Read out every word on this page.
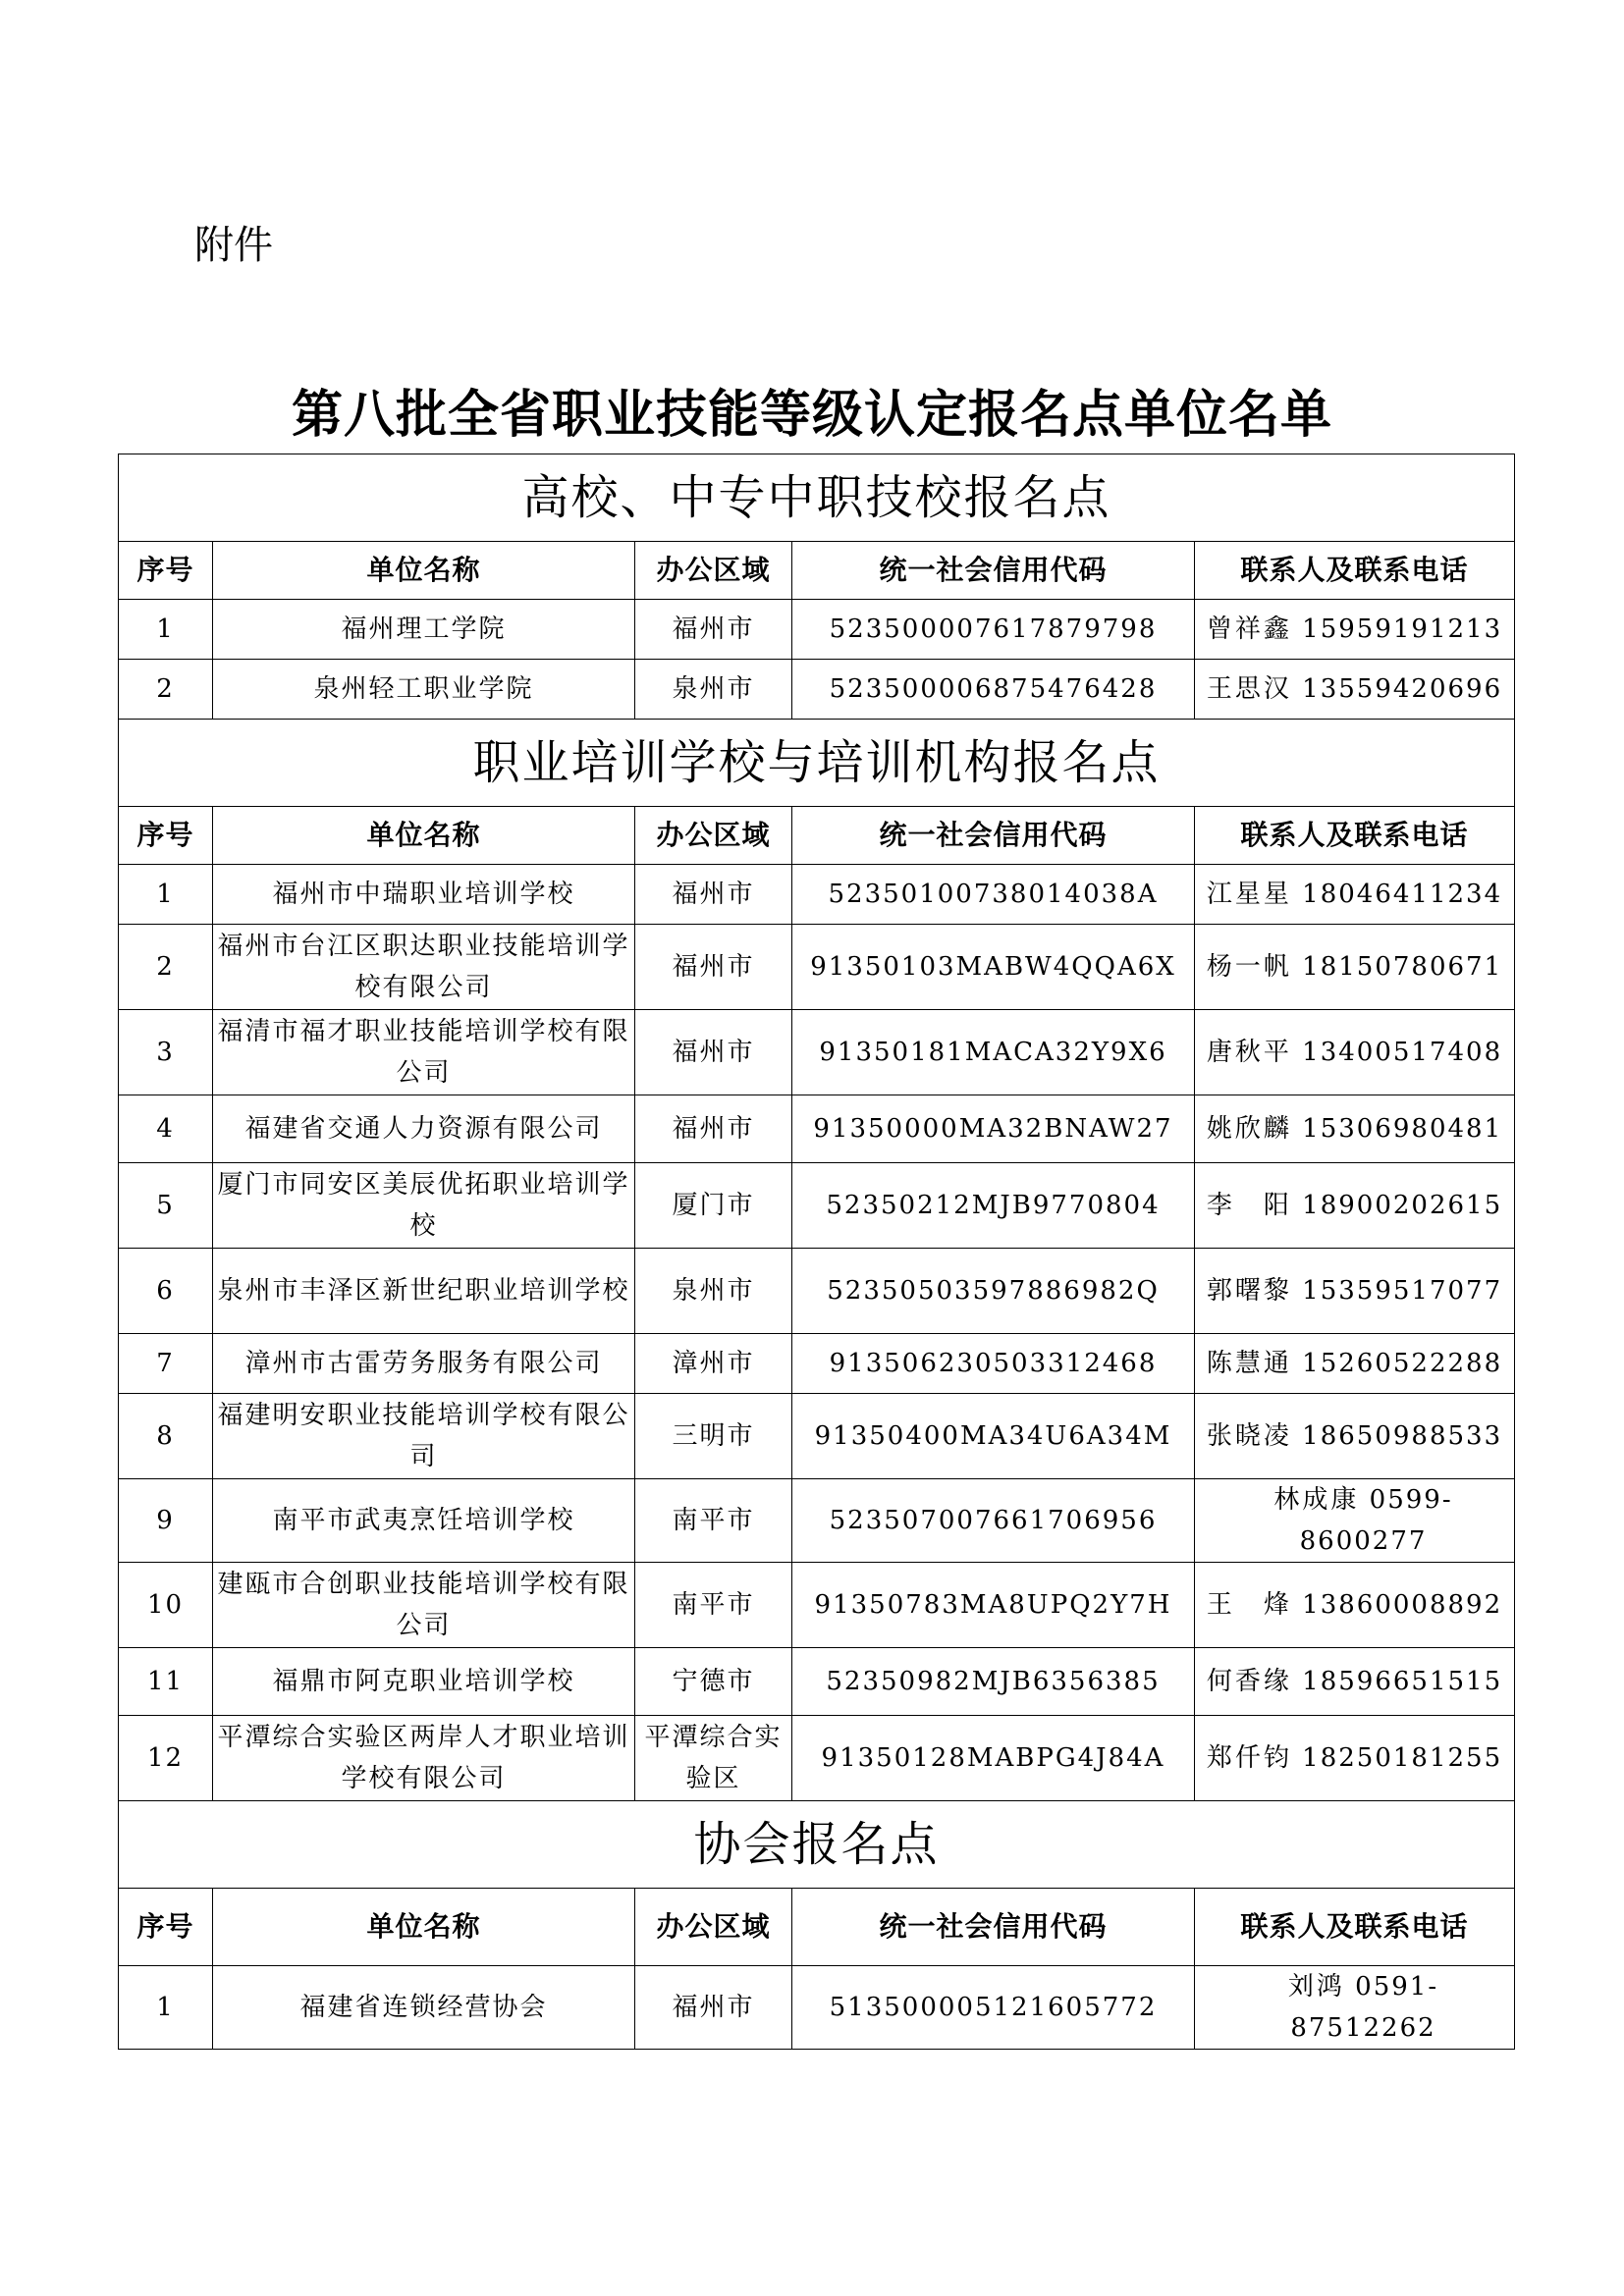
附件
第八批全省职业技能等级认定报名点单位名单
高校、中专中职技校报名点				
序号	单位名称	办公区域	统一社会信用代码	联系人及联系电话
1	福州理工学院	福州市	523500007617879798	曾祥鑫 15959191213
2	泉州轻工职业学院	泉州市	523500006875476428	王思汉 13559420696
职业培训学校与培训机构报名点				
序号	单位名称	办公区域	统一社会信用代码	联系人及联系电话
1	福州市中瑞职业培训学校	福州市	52350100738014038A	江星星 18046411234
2	福州市台江区职达职业技能培训学校有限公司	福州市	91350103MABW4QQA6X	杨一帆 18150780671
3	福清市福才职业技能培训学校有限公司	福州市	91350181MACA32Y9X6	唐秋平 13400517408
4	福建省交通人力资源有限公司	福州市	91350000MA32BNAW27	姚欣麟 15306980481
5	厦门市同安区美辰优拓职业培训学校	厦门市	52350212MJB9770804	李　阳 18900202615
6	泉州市丰泽区新世纪职业培训学校	泉州市	52350503597886982Q	郭曙黎 15359517077
7	漳州市古雷劳务服务有限公司	漳州市	913506230503312468	陈慧通 15260522288
8	福建明安职业技能培训学校有限公司	三明市	91350400MA34U6A34M	张晓凌 18650988533
9	南平市武夷烹饪培训学校	南平市	523507007661706956	林成康 0599-8600277
10	建瓯市合创职业技能培训学校有限公司	南平市	91350783MA8UPQ2Y7H	王　烽 13860008892
11	福鼎市阿克职业培训学校	宁德市	52350982MJB6356385	何香缘 18596651515
12	平潭综合实验区两岸人才职业培训学校有限公司	平潭综合实验区	91350128MABPG4J84A	郑仟钧 18250181255
协会报名点				
序号	单位名称	办公区域	统一社会信用代码	联系人及联系电话
1	福建省连锁经营协会	福州市	513500005121605772	刘鸿 0591-87512262
